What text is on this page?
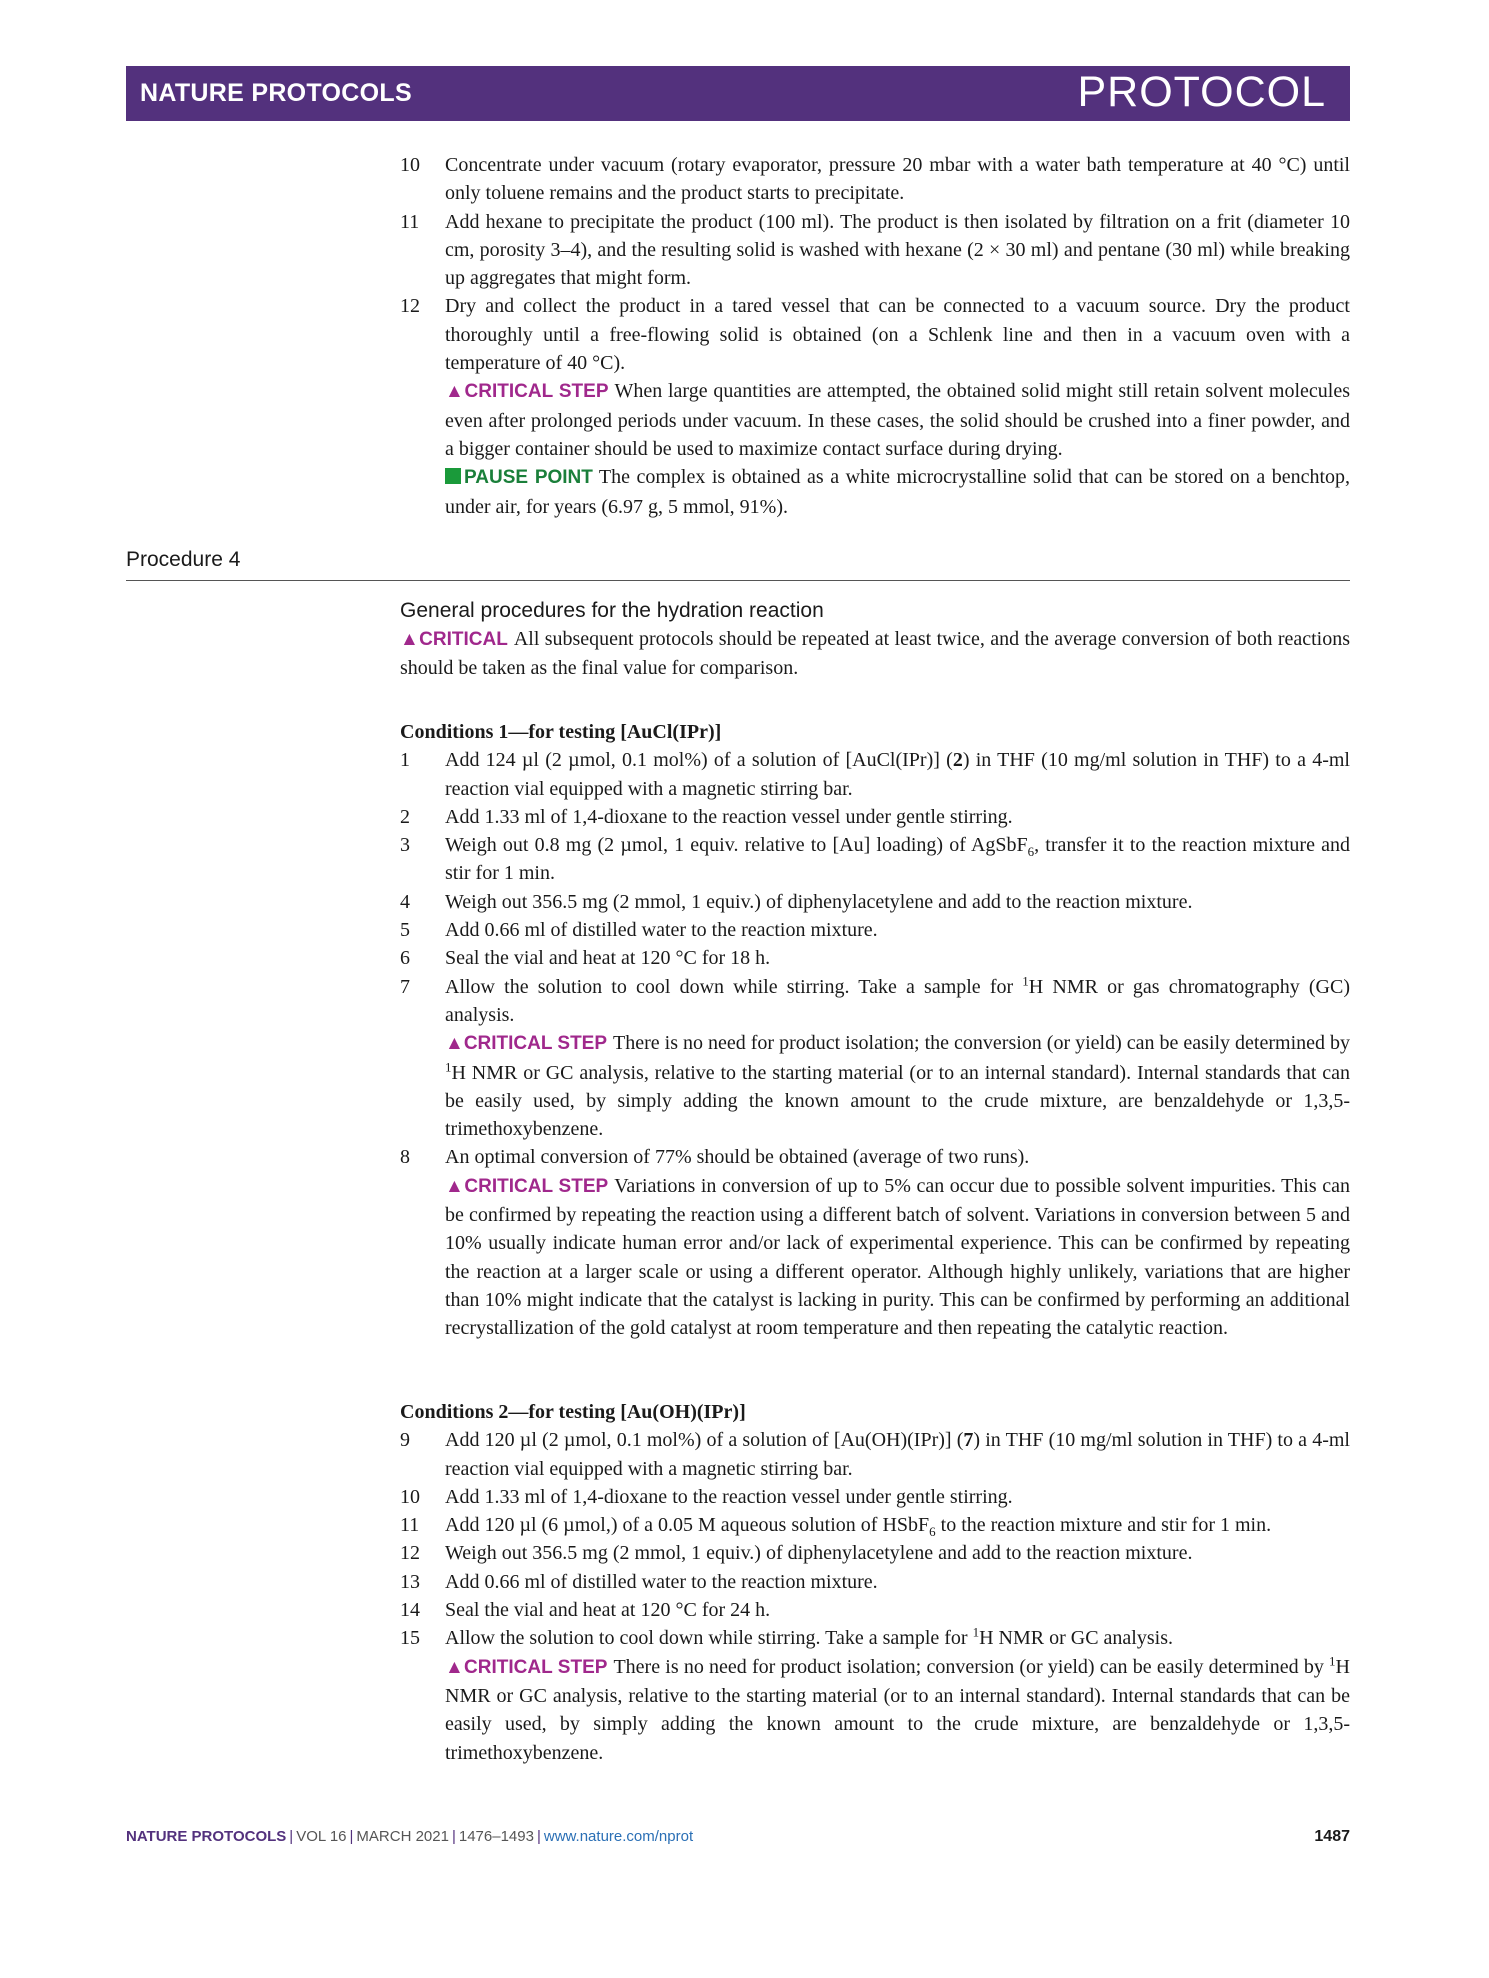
NATURE PROTOCOLS	PROTOCOL
10 Concentrate under vacuum (rotary evaporator, pressure 20 mbar with a water bath temperature at 40 °C) until only toluene remains and the product starts to precipitate.
11 Add hexane to precipitate the product (100 ml). The product is then isolated by filtration on a frit (diameter 10 cm, porosity 3–4), and the resulting solid is washed with hexane (2 × 30 ml) and pentane (30 ml) while breaking up aggregates that might form.
12 Dry and collect the product in a tared vessel that can be connected to a vacuum source. Dry the product thoroughly until a free-flowing solid is obtained (on a Schlenk line and then in a vacuum oven with a temperature of 40 °C).

▲CRITICAL STEP When large quantities are attempted, the obtained solid might still retain solvent molecules even after prolonged periods under vacuum. In these cases, the solid should be crushed into a finer powder, and a bigger container should be used to maximize contact surface during drying.

PAUSE POINT The complex is obtained as a white microcrystalline solid that can be stored on a benchtop, under air, for years (6.97 g, 5 mmol, 91%).

Procedure 4

General procedures for the hydration reaction

▲CRITICAL All subsequent protocols should be repeated at least twice, and the average conversion of both reactions should be taken as the final value for comparison.

Conditions 1—for testing [AuCl(IPr)]

1 Add 124 µl (2 µmol, 0.1 mol%) of a solution of [AuCl(IPr)] (2) in THF (10 mg/ml solution in THF) to a 4-ml reaction vial equipped with a magnetic stirring bar.
2 Add 1.33 ml of 1,4-dioxane to the reaction vessel under gentle stirring.
3 Weigh out 0.8 mg (2 µmol, 1 equiv. relative to [Au] loading) of AgSbF$_6$, transfer it to the reaction mixture and stir for 1 min.
4 Weigh out 356.5 mg (2 mmol, 1 equiv.) of diphenylacetylene and add to the reaction mixture.
5 Add 0.66 ml of distilled water to the reaction mixture.
6 Seal the vial and heat at 120 °C for 18 h.
7 Allow the solution to cool down while stirring. Take a sample for $^1$H NMR or gas chromatography (GC) analysis.

▲CRITICAL STEP There is no need for product isolation; the conversion (or yield) can be easily determined by $^1$H NMR or GC analysis, relative to the starting material (or to an internal standard). Internal standards that can be easily used, by simply adding the known amount to the crude mixture, are benzaldehyde or 1,3,5-trimethoxybenzene.

8 An optimal conversion of 77% should be obtained (average of two runs).

▲CRITICAL STEP Variations in conversion of up to 5% can occur due to possible solvent impurities. This can be confirmed by repeating the reaction using a different batch of solvent. Variations in conversion between 5 and 10% usually indicate human error and/or lack of experimental experience. This can be confirmed by repeating the reaction at a larger scale or using a different operator. Although highly unlikely, variations that are higher than 10% might indicate that the catalyst is lacking in purity. This can be confirmed by performing an additional recrystallization of the gold catalyst at room temperature and then repeating the catalytic reaction.

Conditions 2—for testing [Au(OH)(IPr)]

9 Add 120 µl (2 µmol, 0.1 mol%) of a solution of [Au(OH)(IPr)] (7) in THF (10 mg/ml solution in THF) to a 4-ml reaction vial equipped with a magnetic stirring bar.
10 Add 1.33 ml of 1,4-dioxane to the reaction vessel under gentle stirring.
11 Add 120 µl (6 µmol,) of a 0.05 M aqueous solution of HSbF$_6$ to the reaction mixture and stir for 1 min.
12 Weigh out 356.5 mg (2 mmol, 1 equiv.) of diphenylacetylene and add to the reaction mixture.
13 Add 0.66 ml of distilled water to the reaction mixture.
14 Seal the vial and heat at 120 °C for 24 h.
15 Allow the solution to cool down while stirring. Take a sample for $^1$H NMR or GC analysis.

▲CRITICAL STEP There is no need for product isolation; conversion (or yield) can be easily determined by $^1$H NMR or GC analysis, relative to the starting material (or to an internal standard). Internal standards that can be easily used, by simply adding the known amount to the crude mixture, are benzaldehyde or 1,3,5-trimethoxybenzene.

NATURE PROTOCOLS | VOL 16 | MARCH 2021 | 1476–1493 | www.nature.com/nprot	1487
